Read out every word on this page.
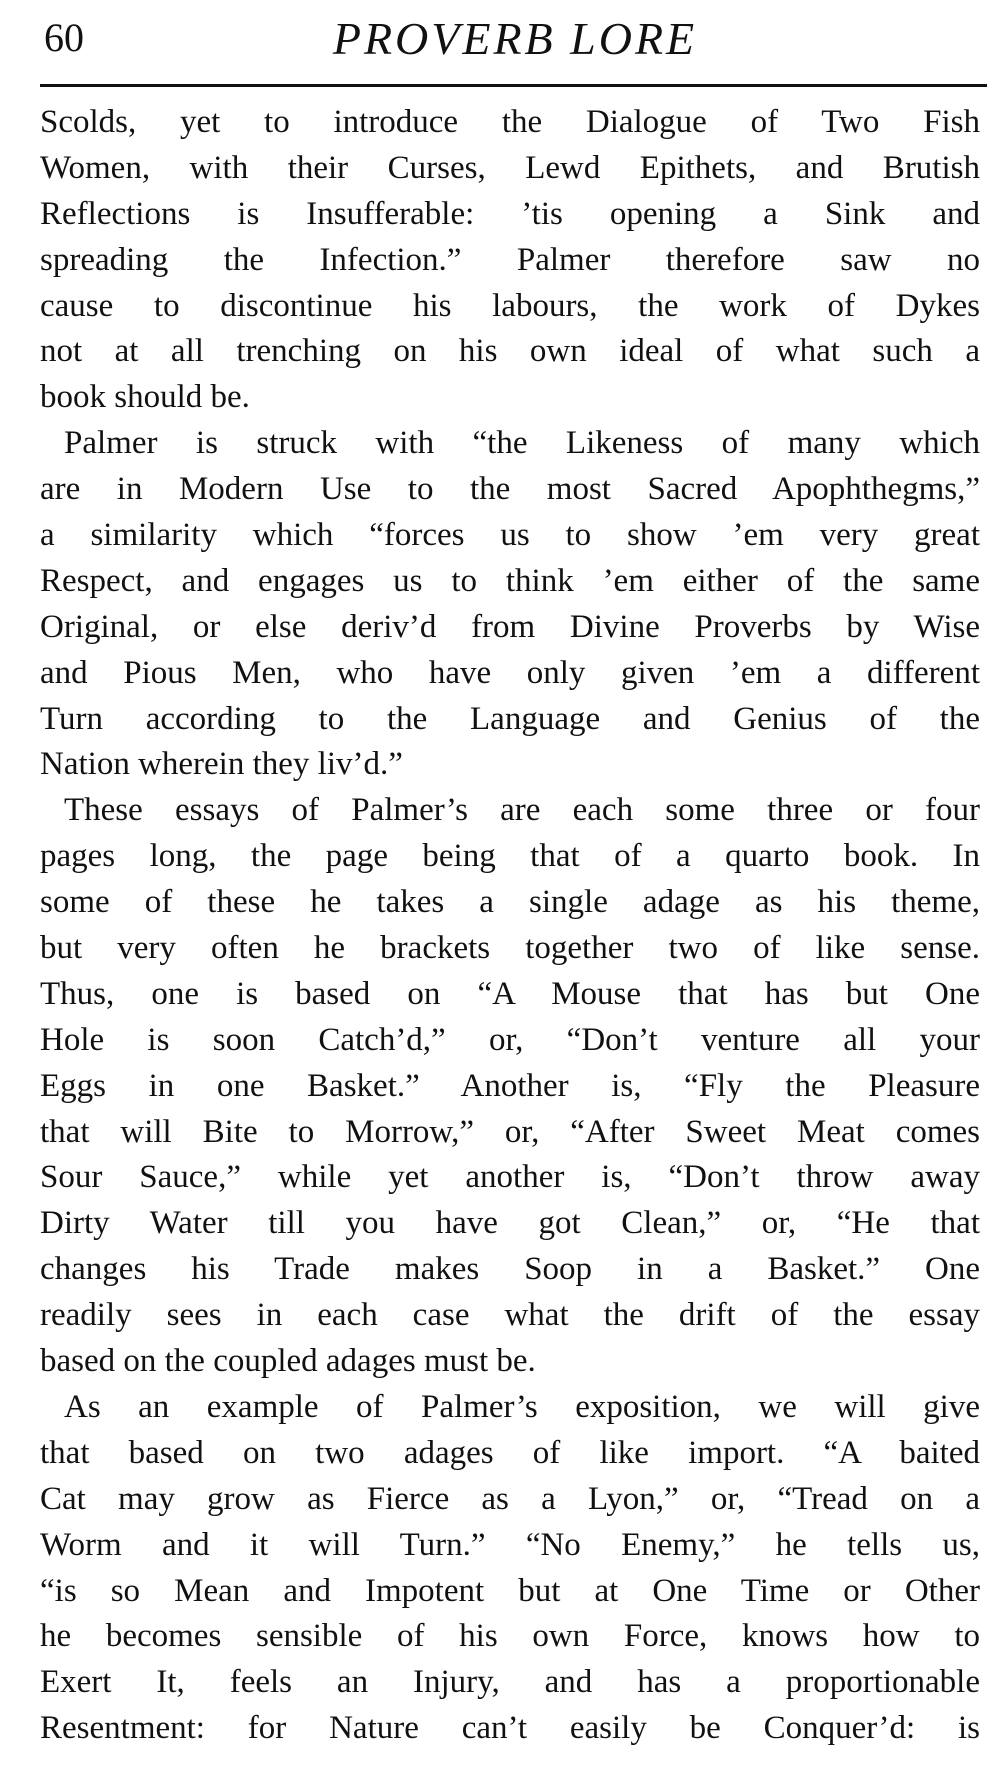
60	PROVERB LORE
Scolds, yet to introduce the Dialogue of Two Fish
Women, with their Curses, Lewd Epithets, and Brutish
Reflections is Insufferable: ’tis opening a Sink and
spreading the Infection.” Palmer therefore saw no
cause to discontinue his labours, the work of Dykes
not at all trenching on his own ideal of what such a
book should be.
Palmer is struck with “the Likeness of many which
are in Modern Use to the most Sacred Apophthegms,”
a similarity which “forces us to show ’em very great
Respect, and engages us to think ’em either of the same
Original, or else deriv’d from Divine Proverbs by Wise
and Pious Men, who have only given ’em a different
Turn according to the Language and Genius of the
Nation wherein they liv’d.”
These essays of Palmer’s are each some three or four
pages long, the page being that of a quarto book. In
some of these he takes a single adage as his theme,
but very often he brackets together two of like sense.
Thus, one is based on “A Mouse that has but One
Hole is soon Catch’d,” or, “Don’t venture all your
Eggs in one Basket.” Another is, “Fly the Pleasure
that will Bite to Morrow,” or, “After Sweet Meat comes
Sour Sauce,” while yet another is, “Don’t throw away
Dirty Water till you have got Clean,” or, “He that
changes his Trade makes Soop in a Basket.” One
readily sees in each case what the drift of the essay
based on the coupled adages must be.
As an example of Palmer’s exposition, we will give
that based on two adages of like import. “A baited
Cat may grow as Fierce as a Lyon,” or, “Tread on a
Worm and it will Turn.” “No Enemy,” he tells us,
“is so Mean and Impotent but at One Time or Other
he becomes sensible of his own Force, knows how to
Exert It, feels an Injury, and has a proportionable
Resentment: for Nature can’t easily be Conquer’d: is
